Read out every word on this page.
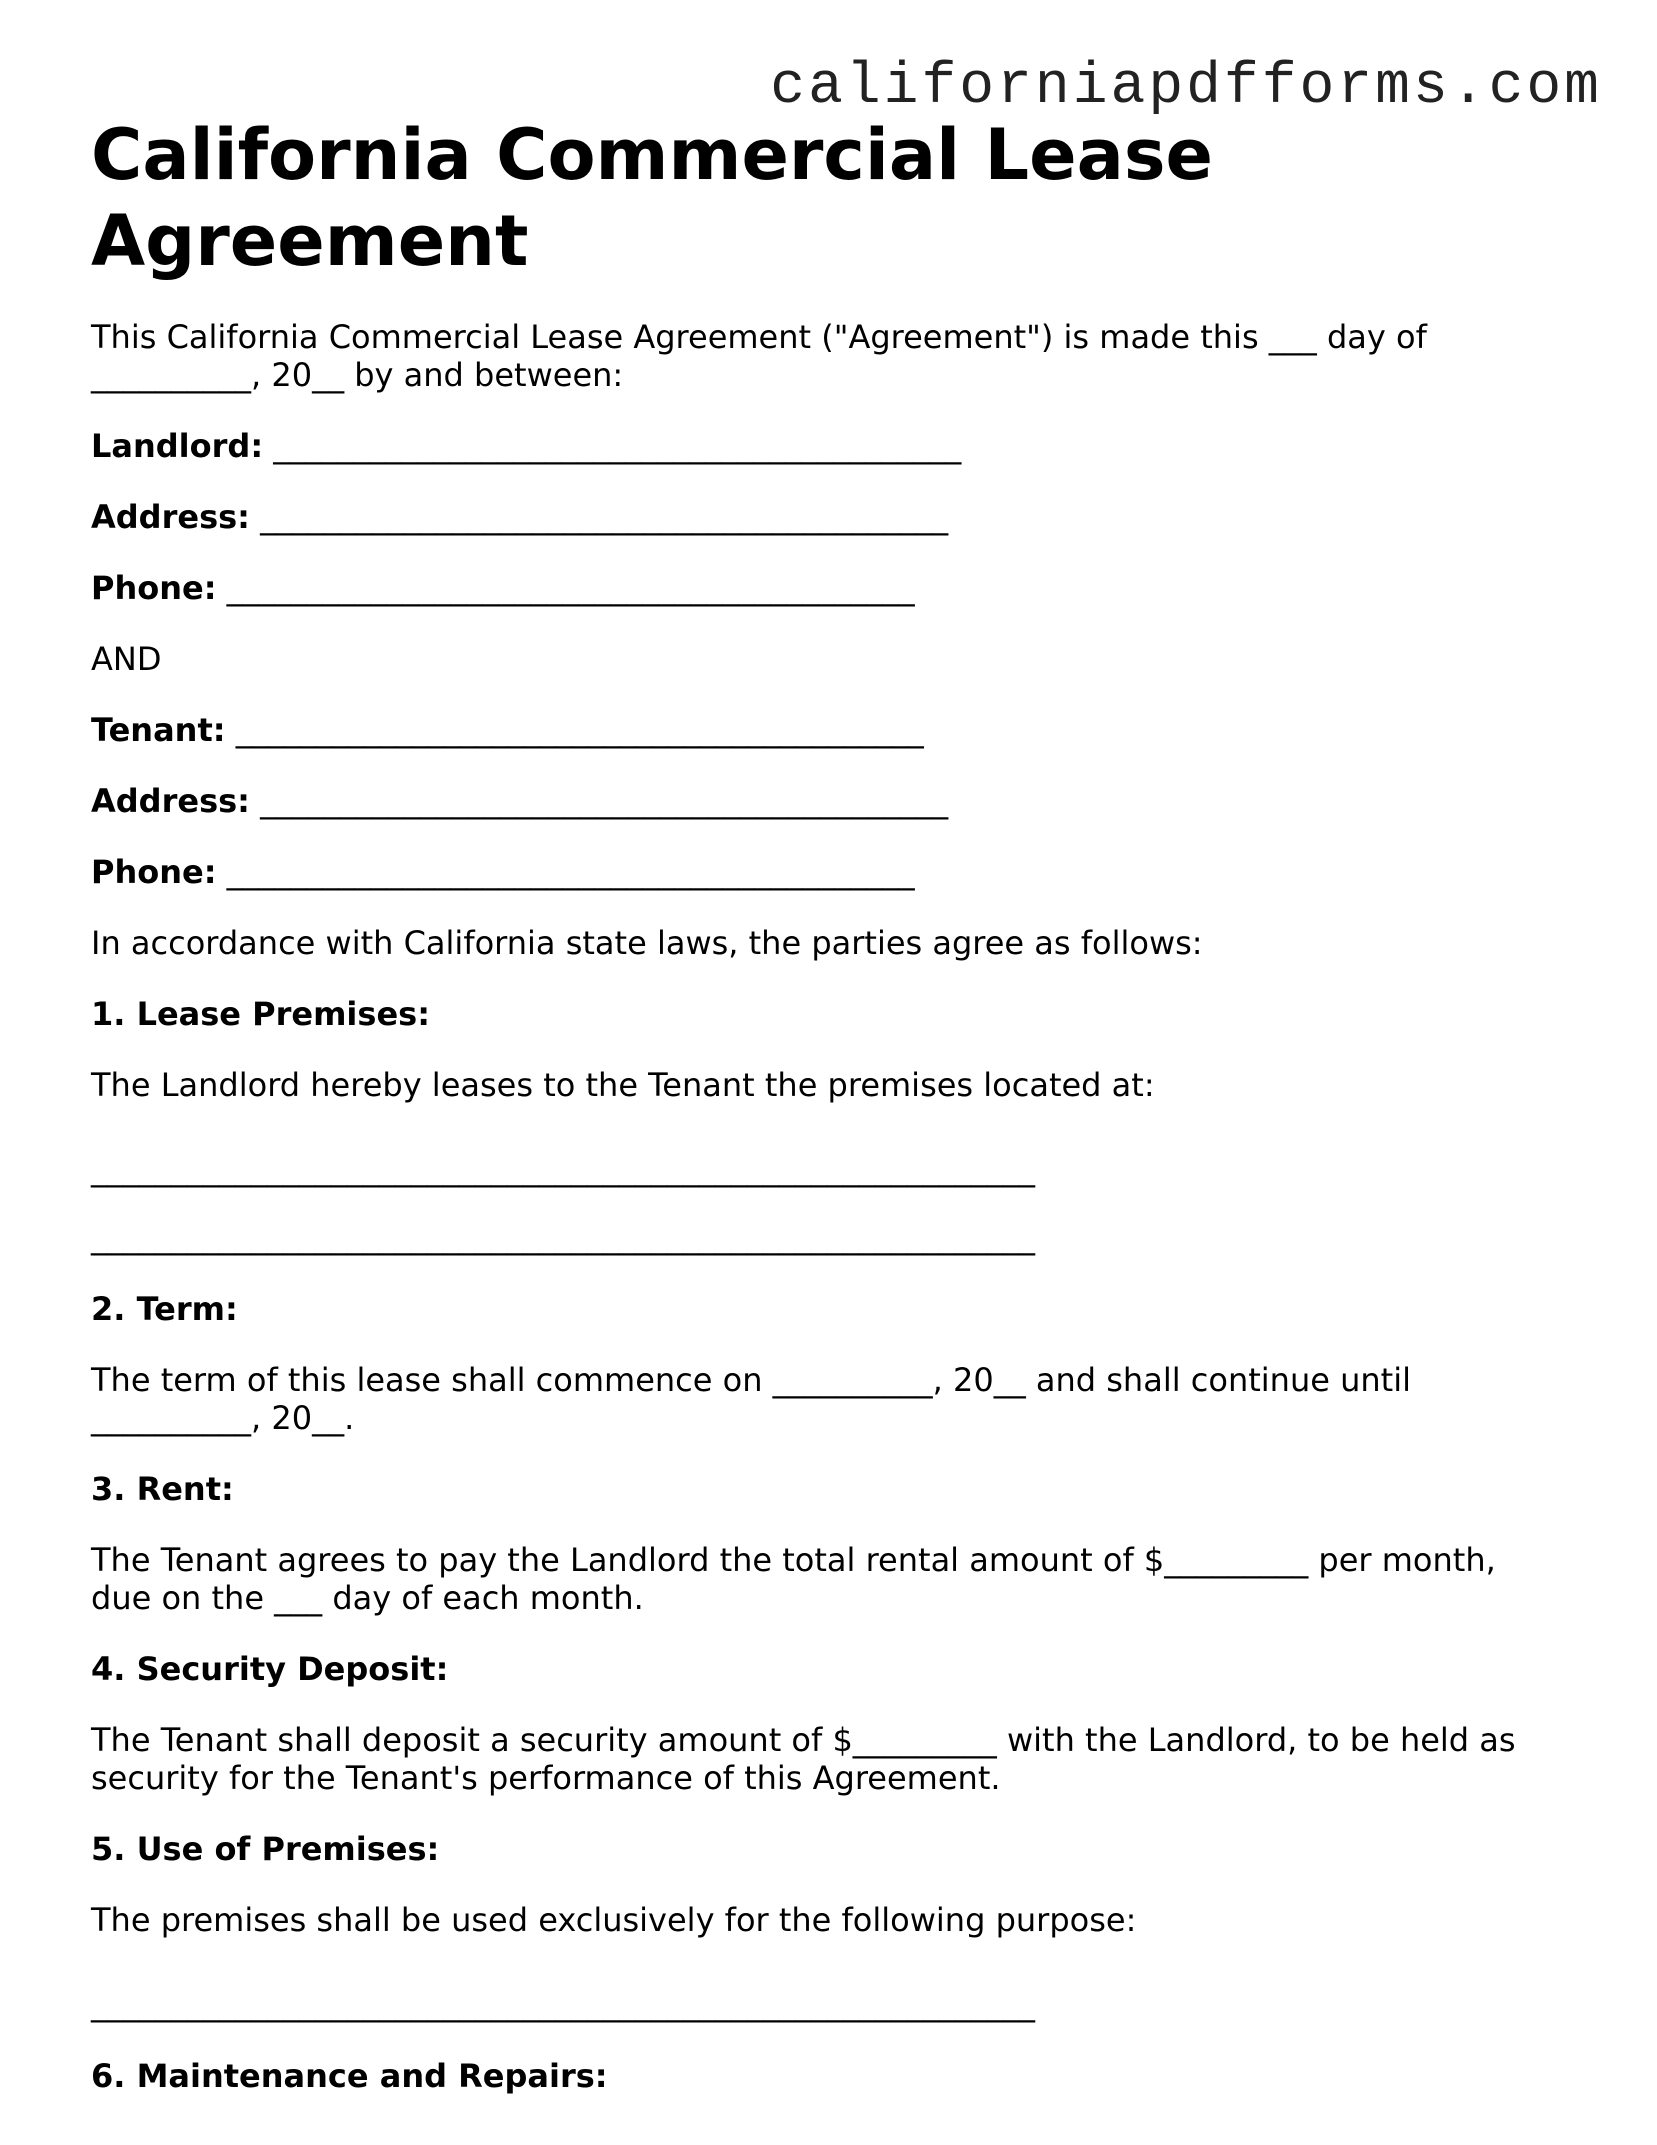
californiapdfforms.com

California Commercial Lease Agreement

This California Commercial Lease Agreement ("Agreement") is made this ___ day of __________, 20__ by and between:

Landlord: ___________________________________________

Address: ___________________________________________

Phone: ___________________________________________

AND

Tenant: ___________________________________________

Address: ___________________________________________

Phone: ___________________________________________

In accordance with California state laws, the parties agree as follows:

1. Lease Premises:

The Landlord hereby leases to the Tenant the premises located at:

___________________________________________________________

___________________________________________________________

2. Term:

The term of this lease shall commence on __________, 20__ and shall continue until __________, 20__.

3. Rent:

The Tenant agrees to pay the Landlord the total rental amount of $_________ per month, due on the ___ day of each month.

4. Security Deposit:

The Tenant shall deposit a security amount of $_________ with the Landlord, to be held as security for the Tenant's performance of this Agreement.

5. Use of Premises:

The premises shall be used exclusively for the following purpose:

___________________________________________________________

6. Maintenance and Repairs:
